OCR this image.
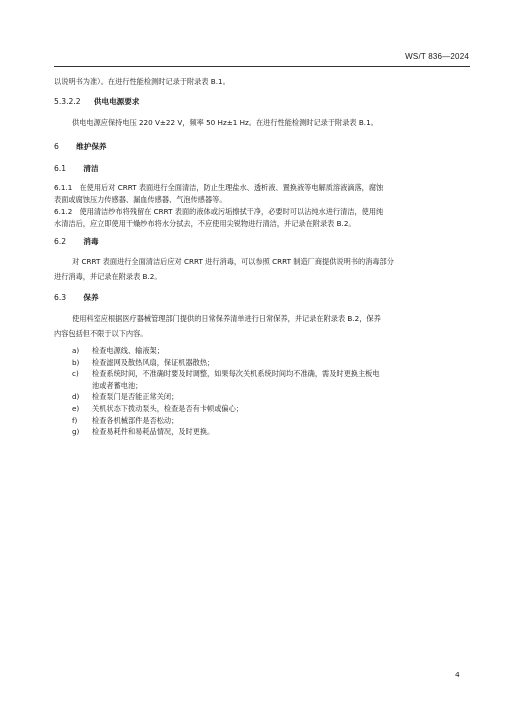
WS/T 836—2024
以说明书为准）。在进行性能检测时记录于附录表 B.1。
5.3.2.2 供电电源要求
供电电源应保持电压 220 V±22 V，频率 50 Hz±1 Hz。在进行性能检测时记录于附录表 B.1。
6 维护保养
6.1 清洁
6.1.1　在使用后对 CRRT 表面进行全面清洁，防止生理盐水、透析液、置换液等电解质溶液滴落，腐蚀
表面或腐蚀压力传感器、漏血传感器、气泡传感器等。
6.1.2　使用清洁纱布将残留在 CRRT 表面的液体或污垢擦拭干净，必要时可以沾纯水进行清洁，使用纯
水清洁后，应立即使用干燥纱布将水分拭去，不应使用尖锐物进行清洁，并记录在附录表 B.2。
6.2 消毒
对 CRRT 表面进行全面清洁后应对 CRRT 进行消毒，可以参照 CRRT 制造厂商提供说明书的消毒部分
进行消毒，并记录在附录表 B.2。
6.3 保养
使用科室应根据医疗器械管理部门提供的日常保养清单进行日常保养，并记录在附录表 B.2，保养
内容包括但不限于以下内容。
a) 检查电源线、输液架；
b) 检查滤网及散热风扇，保证机器散热；
c) 检查系统时间，不准确时要及时调整，如果每次关机系统时间均不准确，需及时更换主板电
池或者蓄电池；
d) 检查泵门是否能正常关闭；
e) 关机状态下拨动泵头，检查是否有卡顿或偏心；
f) 检查各机械部件是否松动；
g) 检查易耗件和易耗品情况，及时更换。
4
